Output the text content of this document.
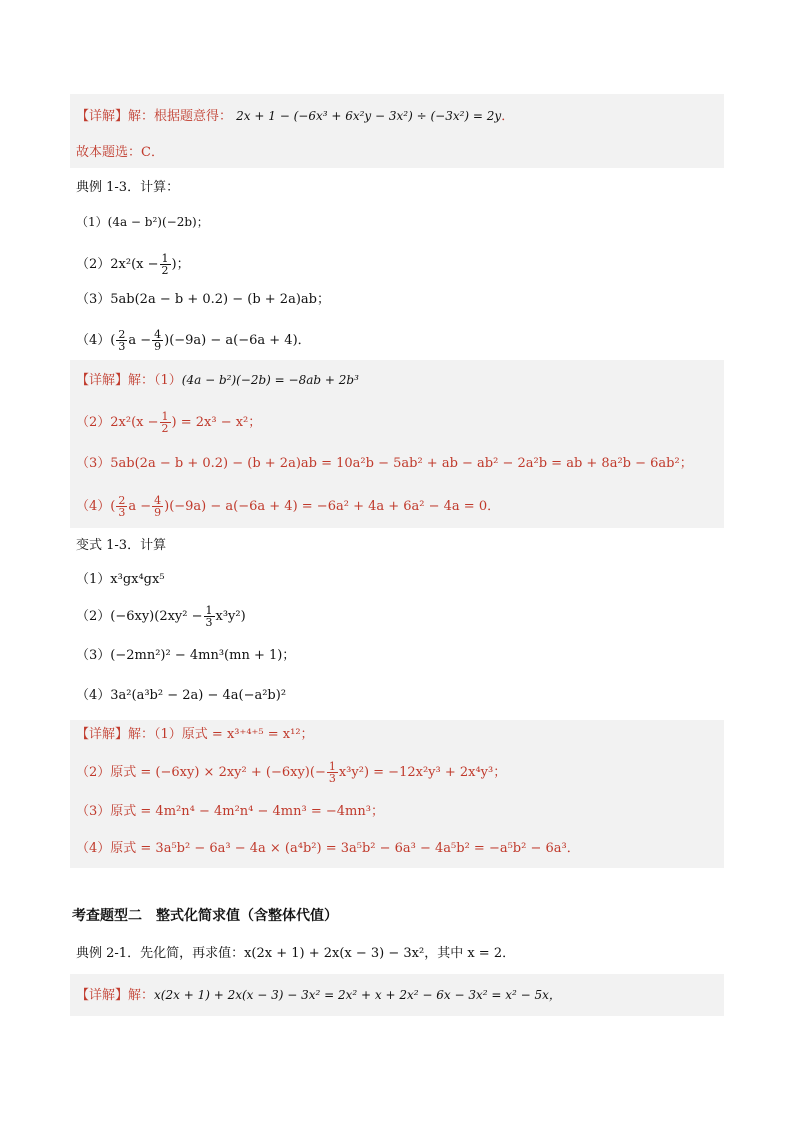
【详解】解：根据题意得： 2x + 1 − (−6x³ + 6x²y − 3x²) ÷ (−3x²) = 2y．
故本题选：C．
典例 1-3．计算：
（1）(4a − b²)(−2b)；
$(2)2x^2(x - \frac{1}{2}$ )；
（3）5ab(2a − b + 0.2) − (b + 2a)ab；
$(4)( \frac{2}{3}$ $a - \frac{4}{9} )(-9a) - a(-6a + 4)$．
【详解】解：（1）(4a − b²)(−2b) = −8ab + 2b³
$(2)2x^2(x - \frac{1}{2}$ ) = 2x³ − x²；
（3）5ab(2a − b + 0.2) − (b + 2a)ab = 10a²b − 5ab² + ab − ab² − 2a²b = ab + 8a²b − 6ab²；
$(4)( \frac{2}{3}$ $a - \frac{4}{9} )(-9a) - a(-6a + 4) = -6a^2 + 4a + 6a^2 - 4a = 0$．
变式 1-3．计算
（1）x³gx⁴gx⁵
$(2)(-6xy)(2xy^2 - \frac{1}{3} x^3y^2)$
（3）(−2mn²)² − 4mn³(mn + 1)；
（4）3a²(a³b² − 2a) − 4a(−a²b)²
【详解】解：（1）原式 = x³⁺⁴⁺⁵ = x¹²；
（2）原式 = $(-6xy) \times 2xy^2 + (-6xy)(- \frac{1}{3} x^3y^2) = -12x^2y^3 + 2x^4y^3$；
（3）原式 = 4m²n⁴ − 4m²n⁴ − 4mn³ = −4mn³；
（4）原式 = 3a⁵b² − 6a³ − 4a × (a⁴b²) = 3a⁵b² − 6a³ − 4a⁵b² = −a⁵b² − 6a³．
考查题型二　整式化简求值（含整体代值）
典例 2-1．先化简，再求值：x(2x + 1) + 2x(x − 3) − 3x²，其中 x = 2．
【详解】解：x(2x + 1) + 2x(x − 3) − 3x² = 2x² + x + 2x² − 6x − 3x² = x² − 5x，
